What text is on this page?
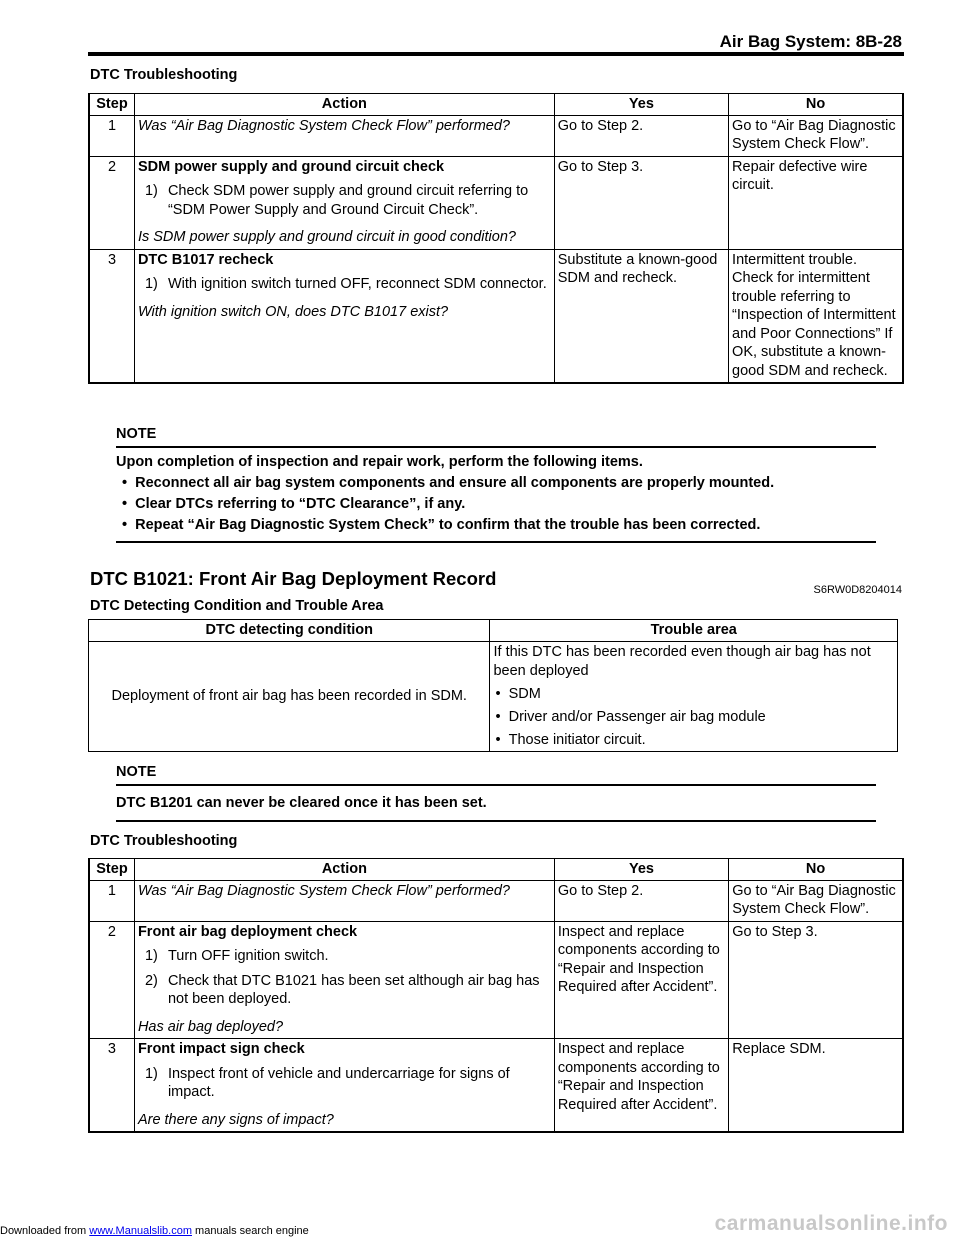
Air Bag System: 8B-28
DTC Troubleshooting
Step	Action	Yes	No
1	Was “Air Bag Diagnostic System Check Flow” performed?	Go to Step 2.	Go to “Air Bag Diagnostic System Check Flow”.
2	SDM power supply and ground circuit check
1) Check SDM power supply and ground circuit referring to “SDM Power Supply and Ground Circuit Check”.
Is SDM power supply and ground circuit in good condition?	Go to Step 3.	Repair defective wire circuit.
3	DTC B1017 recheck
1) With ignition switch turned OFF, reconnect SDM connector.
With ignition switch ON, does DTC B1017 exist?	Substitute a known-good SDM and recheck.	Intermittent trouble. Check for intermittent trouble referring to “Inspection of Intermittent and Poor Connections” If OK, substitute a known-good SDM and recheck.
NOTE

Upon completion of inspection and repair work, perform the following items.

•  Reconnect all air bag system components and ensure all components are properly mounted.
•  Clear DTCs referring to “DTC Clearance”, if any.
•  Repeat “Air Bag Diagnostic System Check” to confirm that the trouble has been corrected.
DTC B1021: Front Air Bag Deployment Record
S6RW0D8204014
DTC Detecting Condition and Trouble Area
DTC detecting condition	Trouble area
Deployment of front air bag has been recorded in SDM.	If this DTC has been recorded even though air bag has not been deployed
•  SDM
•  Driver and/or Passenger air bag module
•  Those initiator circuit.
NOTE
DTC B1201 can never be cleared once it has been set.
DTC Troubleshooting
Step	Action	Yes	No
1	Was “Air Bag Diagnostic System Check Flow” performed?	Go to Step 2.	Go to “Air Bag Diagnostic System Check Flow”.
2	Front air bag deployment check
1) Turn OFF ignition switch.
2) Check that DTC B1021 has been set although air bag has not been deployed.
Has air bag deployed?	Inspect and replace components according to “Repair and Inspection Required after Accident”.	Go to Step 3.
3	Front impact sign check
1) Inspect front of vehicle and undercarriage for signs of impact.
Are there any signs of impact?	Inspect and replace components according to “Repair and Inspection Required after Accident”.	Replace SDM.
Downloaded from www.Manualslib.com manuals search engine	carmanualsonline.info
